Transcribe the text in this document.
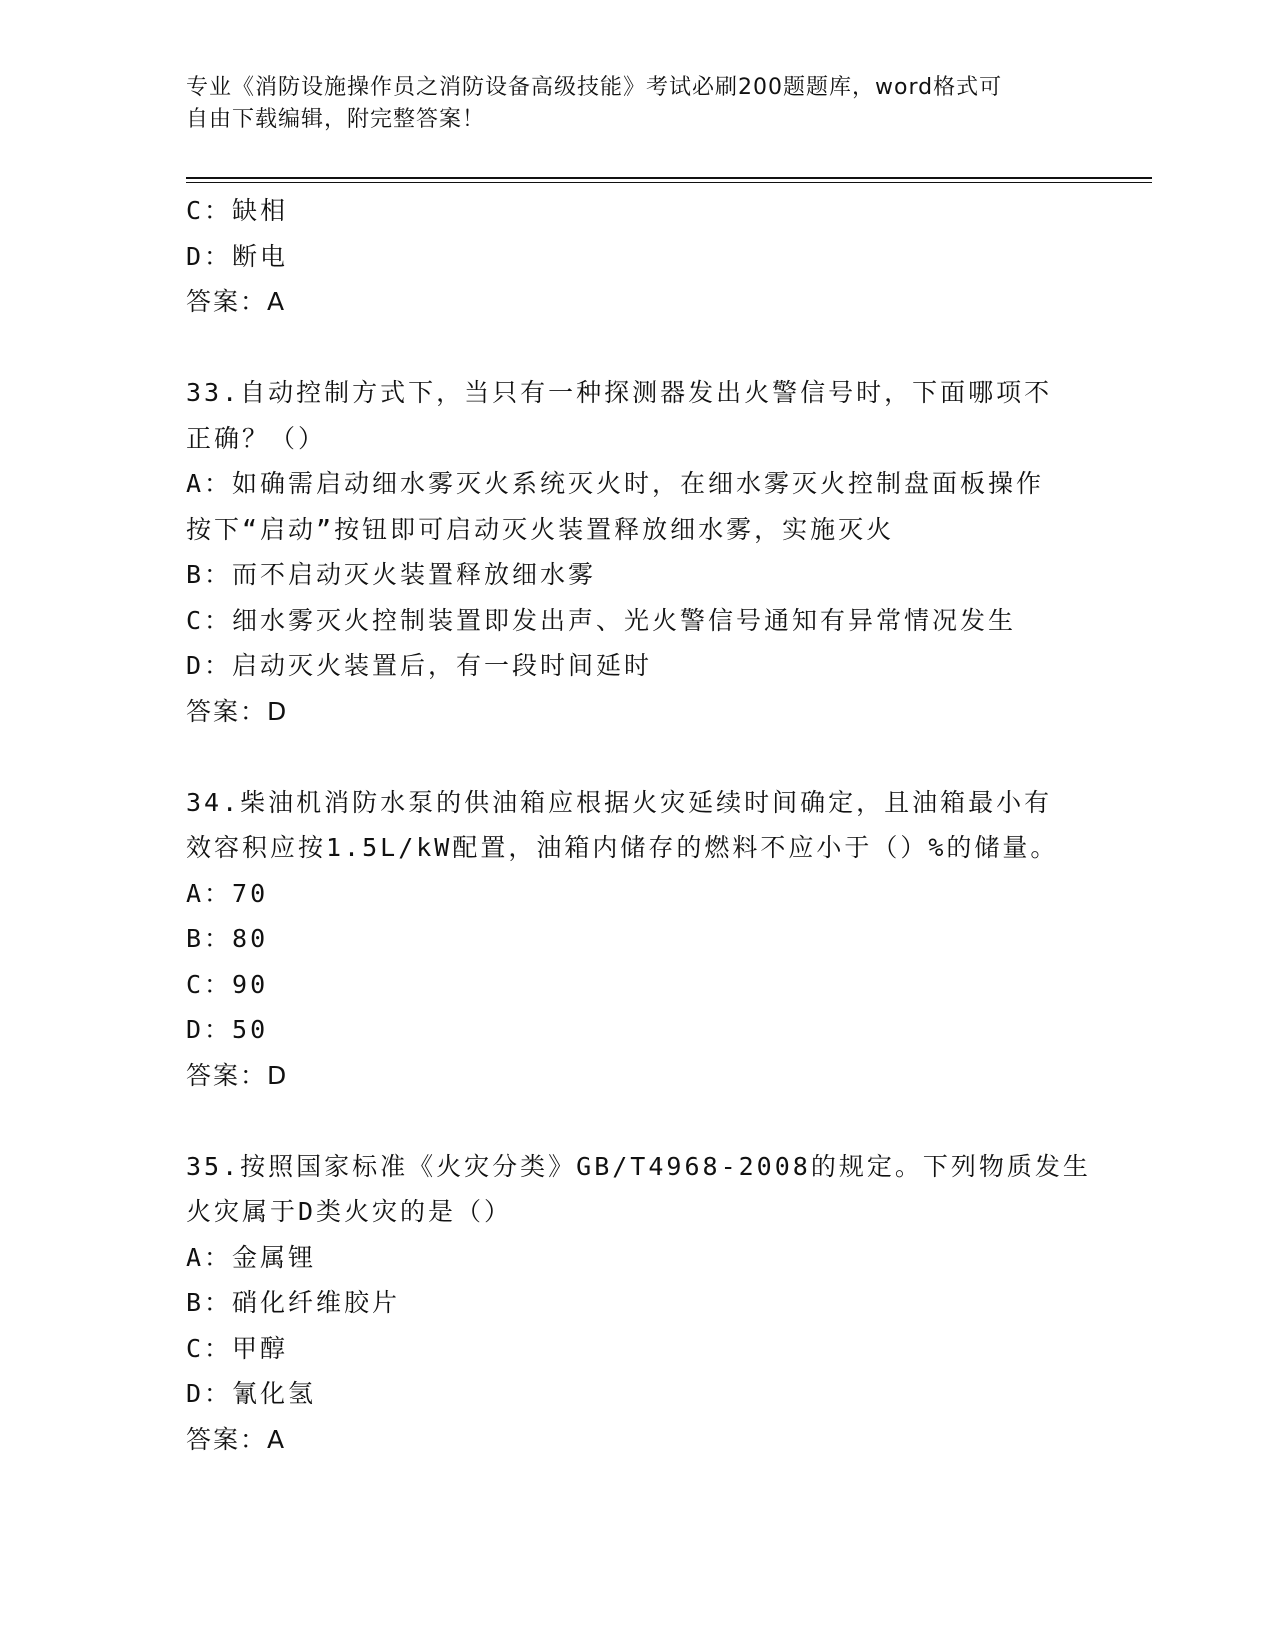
专业《消防设施操作员之消防设备高级技能》考试必刷200题题库，word格式可
自由下载编辑，附完整答案！
C：缺相
D：断电
答案：A
33.自动控制方式下，当只有一种探测器发出火警信号时，下面哪项不
正确？（）
A：如确需启动细水雾灭火系统灭火时，在细水雾灭火控制盘面板操作
按下“启动”按钮即可启动灭火装置释放细水雾，实施灭火
B：而不启动灭火装置释放细水雾
C：细水雾灭火控制装置即发出声、光火警信号通知有异常情况发生
D：启动灭火装置后，有一段时间延时
答案：D
34.柴油机消防水泵的供油箱应根据火灾延续时间确定，且油箱最小有
效容积应按1.5L/kW配置，油箱内储存的燃料不应小于（）%的储量。
A：70
B：80
C：90
D：50
答案：D
35.按照国家标准《火灾分类》GB/T4968-2008的规定。下列物质发生
火灾属于D类火灾的是（）
A：金属锂
B：硝化纤维胶片
C：甲醇
D：氰化氢
答案：A
